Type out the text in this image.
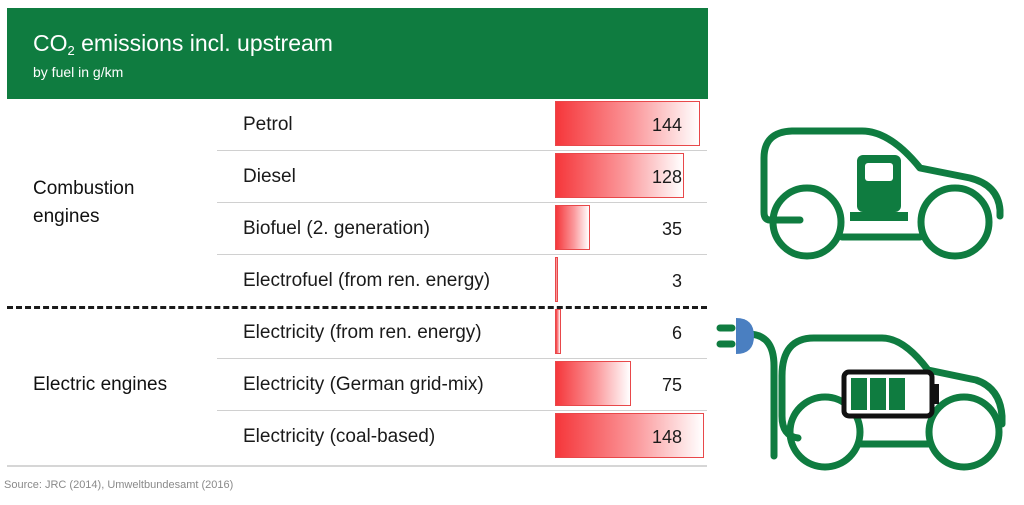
$CO_2$ emissions incl. upstream
by fuel in g/km
Combustion engines
Electric engines
Petrol	144
Diesel	128
Biofuel (2. generation)	35
Electrofuel (from ren. energy)	3
Electricity (from ren. energy)	6
Electricity (German grid-mix)	75
Electricity (coal-based)	148
Source: JRC (2014), Umweltbundesamt (2016)
